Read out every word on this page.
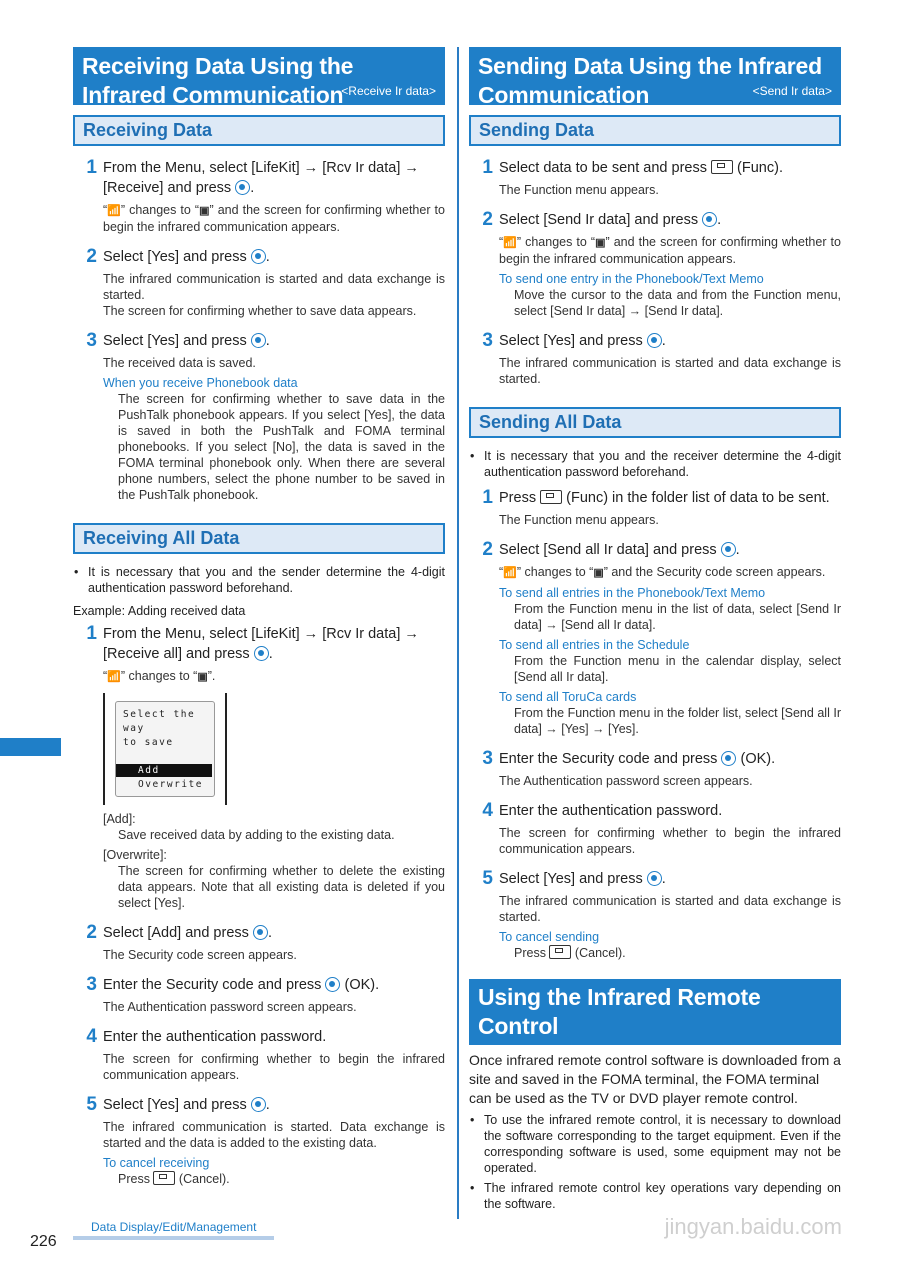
Receiving Data Using the Infrared Communication
<Receive Ir data>
Receiving Data
1 From the Menu, select [LifeKit] → [Rcv Ir data] → [Receive] and press .
“📶” changes to “▣” and the screen for confirming whether to begin the infrared communication appears.
2 Select [Yes] and press .
The infrared communication is started and data exchange is started.
The screen for confirming whether to save data appears.
3 Select [Yes] and press .
The received data is saved.
When you receive Phonebook data
The screen for confirming whether to save data in the PushTalk phonebook appears. If you select [Yes], the data is saved in both the PushTalk and FOMA terminal phonebooks. If you select [No], the data is saved in the FOMA terminal phonebook only. When there are several phone numbers, select the phone number to be saved in the PushTalk phonebook.
Receiving All Data
• It is necessary that you and the sender determine the 4-digit authentication password beforehand.
Example: Adding received data
1 From the Menu, select [LifeKit] → [Rcv Ir data] → [Receive all] and press .
“📶” changes to “▣”.
Select the way
to save
Add
Overwrite
[Add]:
Save received data by adding to the existing data.
[Overwrite]:
The screen for confirming whether to delete the existing data appears. Note that all existing data is deleted if you select [Yes].
2 Select [Add] and press .
The Security code screen appears.
3 Enter the Security code and press (OK).
The Authentication password screen appears.
4 Enter the authentication password.
The screen for confirming whether to begin the infrared communication appears.
5 Select [Yes] and press .
The infrared communication is started. Data exchange is started and the data is added to the existing data.
To cancel receiving
Press (Cancel).
Sending Data Using the Infrared Communication	<Send Ir data>
Sending Data
1 Select data to be sent and press (Func).
The Function menu appears.
2 Select [Send Ir data] and press .
“📶” changes to “▣” and the screen for confirming whether to begin the infrared communication appears.
To send one entry in the Phonebook/Text Memo
Move the cursor to the data and from the Function menu, select [Send Ir data] → [Send Ir data].
3 Select [Yes] and press .
The infrared communication is started and data exchange is started.
Sending All Data
• It is necessary that you and the receiver determine the 4-digit authentication password beforehand.
1 Press (Func) in the folder list of data to be sent.
The Function menu appears.
2 Select [Send all Ir data] and press .
“📶” changes to “▣” and the Security code screen appears.
To send all entries in the Phonebook/Text Memo
From the Function menu in the list of data, select [Send Ir data] → [Send all Ir data].
To send all entries in the Schedule
From the Function menu in the calendar display, select [Send all Ir data].
To send all ToruCa cards
From the Function menu in the folder list, select [Send all Ir data] → [Yes] → [Yes].
3 Enter the Security code and press (OK).
The Authentication password screen appears.
4 Enter the authentication password.
The screen for confirming whether to begin the infrared communication appears.
5 Select [Yes] and press .
The infrared communication is started and data exchange is started.
To cancel sending
Press (Cancel).
Using the Infrared Remote Control
Once infrared remote control software is downloaded from a site and saved in the FOMA terminal, the FOMA terminal can be used as the TV or DVD player remote control.
• To use the infrared remote control, it is necessary to download the software corresponding to the target equipment. Even if the corresponding software is used, some equipment may not be operated.
• The infrared remote control key operations vary depending on the software.
226
Data Display/Edit/Management	jingyan.baidu.com
